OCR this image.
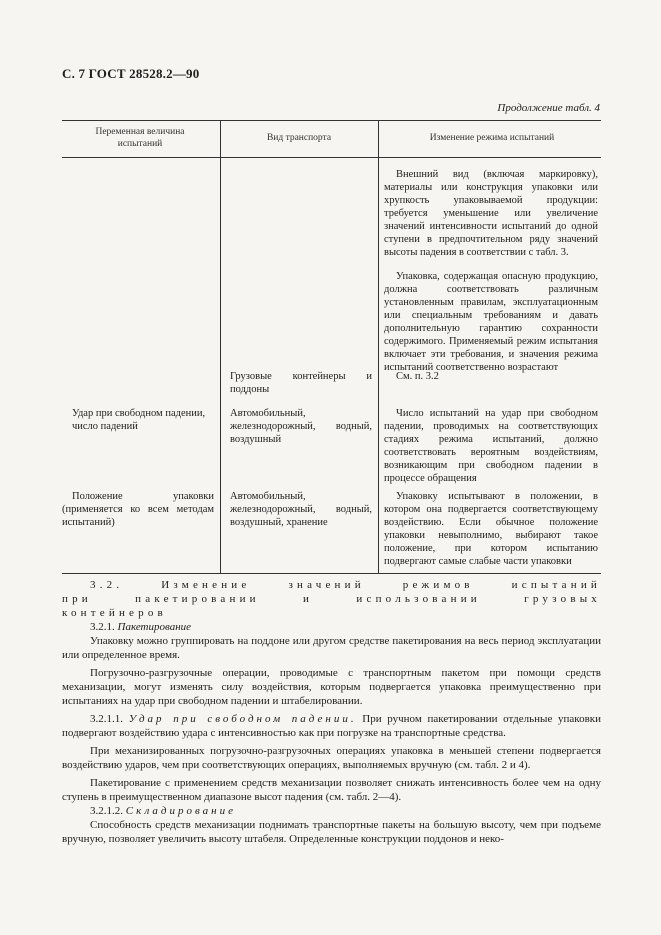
С. 7 ГОСТ 28528.2—90
Продолжение табл. 4
Переменная величина испытаний
Вид транспорта	Изменение режима испытаний

Внешний вид (включая маркировку), материалы или конструкция упаковки или хрупкость упаковываемой продукции: требуется уменьшение или увеличение значений интенсивности испытаний до одной ступени в предпочтительном ряду значений высоты падения в соответствии с табл. 3.

Упаковка, содержащая опасную продукцию, должна соответствовать различным установленным правилам, эксплуатационным или специальным требованиям и давать дополнительную гарантию сохранности содержимого. Применяемый режим испытания включает эти требования, и значения режима испытаний соответственно возрастают

Грузовые контейнеры и поддоны
См. п. 3.2
Удар при свободном падении, число падений
Автомобильный, железнодорожный, водный, воздушный
Число испытаний на удар при свободном падении, проводимых на соответствующих стадиях режима испытаний, должно соответствовать вероятным воздействиям, возникающим при свободном падении в процессе обращения
Положение упаковки (применяется ко всем методам испытаний)
Автомобильный, железнодорожный, водный, воздушный, хранение
Упаковку испытывают в положении, в котором она подвергается соответствующему воздействию. Если обычное положение упаковки невыполнимо, выбирают такое положение, при котором испытанию подвергают самые слабые части упаковки

3.2. Изменение значений режимов испытаний при пакетировании и использовании грузовых контейнеров

3.2.1. Пакетирование

Упаковку можно группировать на поддоне или другом средстве пакетирования на весь период эксплуатации или определенное время.

Погрузочно-разгрузочные операции, проводимые с транспортным пакетом при помощи средств механизации, могут изменять силу воздействия, которым подвергается упаковка преимущественно при испытаниях на удар при свободном падении и штабелировании.

3.2.1.1. Удар при свободном падении. При ручном пакетировании отдельные упаковки подвергают воздействию удара с интенсивностью как при погрузке на транспортные средства.

При механизированных погрузочно-разгрузочных операциях упаковка в меньшей степени подвергается воздействию ударов, чем при соответствующих операциях, выполняемых вручную (см. табл. 2 и 4).

Пакетирование с применением средств механизации позволяет снижать интенсивность более чем на одну ступень в преимущественном диапазоне высот падения (см. табл. 2—4).

3.2.1.2. Складирование

Способность средств механизации поднимать транспортные пакеты на большую высоту, чем при подъеме вручную, позволяет увеличить высоту штабеля. Определенные конструкции поддонов и неко-
